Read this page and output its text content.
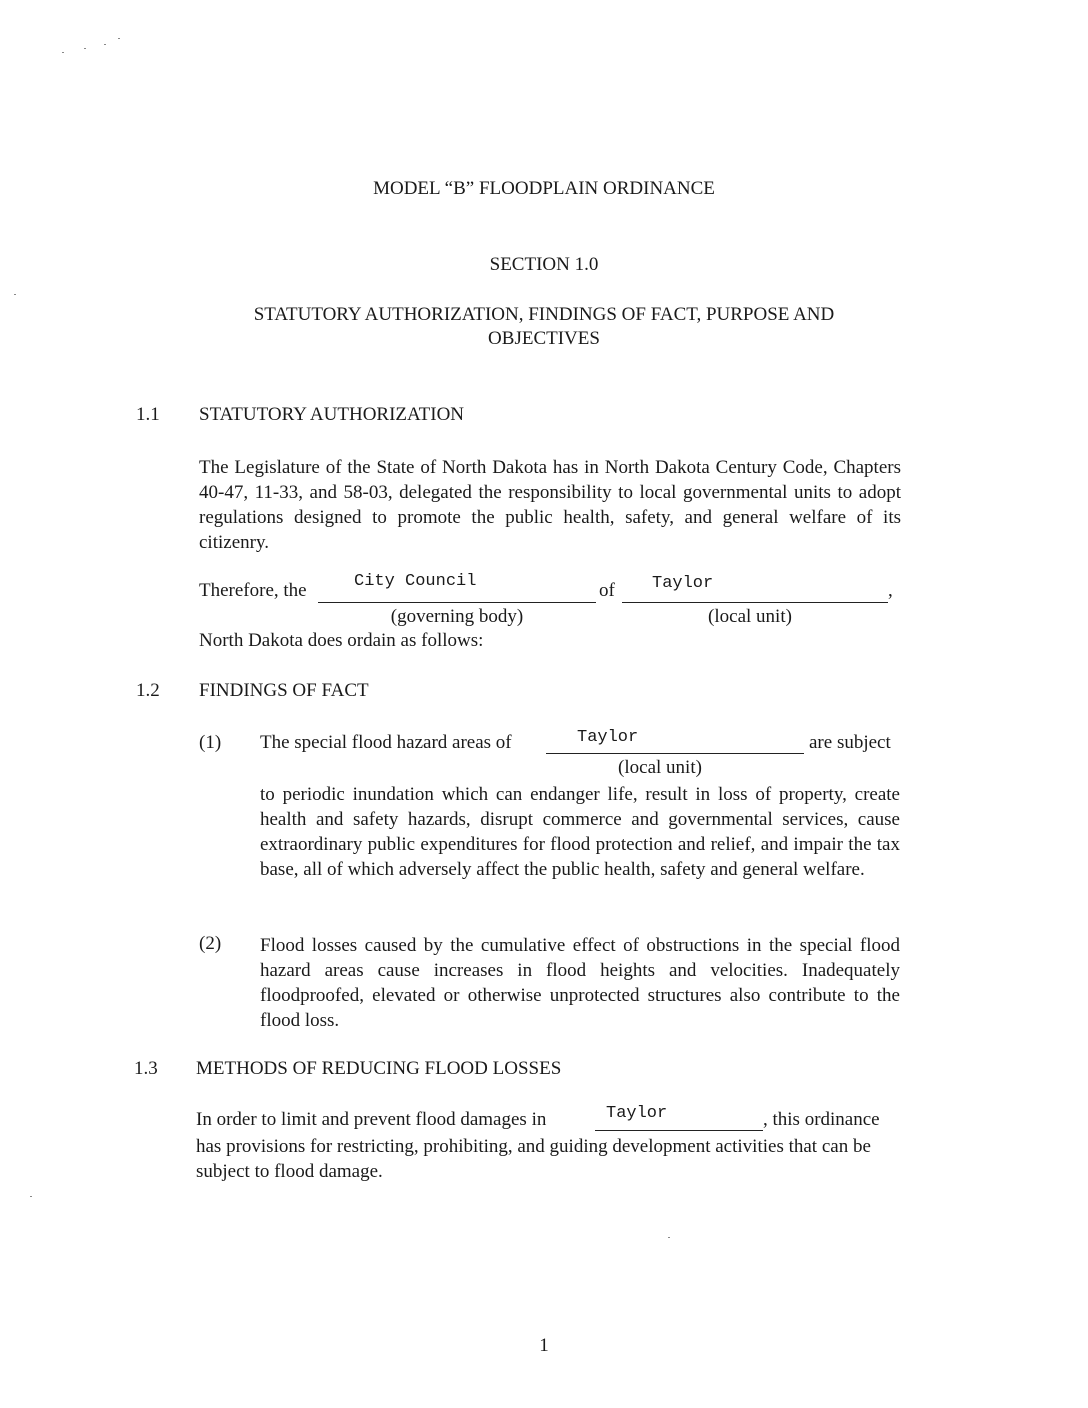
MODEL “B” FLOODPLAIN ORDINANCE
SECTION 1.0
STATUTORY AUTHORIZATION, FINDINGS OF FACT, PURPOSE AND
OBJECTIVES
1.1 STATUTORY AUTHORIZATION
The Legislature of the State of North Dakota has in North Dakota Century Code, Chapters 40-47, 11-33, and 58-03, delegated the responsibility to local governmental units to adopt regulations designed to promote the public health, safety, and general welfare of its citizenry.
Therefore, the	City Council	of Taylor	,
(governing body)	(local unit)
North Dakota does ordain as follows:
1.2 FINDINGS OF FACT
(1) The special flood hazard areas of	Taylor	are subject
(local unit)
to periodic inundation which can endanger life, result in loss of property, create health and safety hazards, disrupt commerce and governmental services, cause extraordinary public expenditures for flood protection and relief, and impair the tax base, all of which adversely affect the public health, safety and general welfare.
(2) Flood losses caused by the cumulative effect of obstructions in the special flood hazard areas cause increases in flood heights and velocities. Inadequately floodproofed, elevated or otherwise unprotected structures also contribute to the flood loss.
1.3 METHODS OF REDUCING FLOOD LOSSES
In order to limit and prevent flood damages in	Taylor	, this ordinance
has provisions for restricting, prohibiting, and guiding development activities that can be subject to flood damage.
1
